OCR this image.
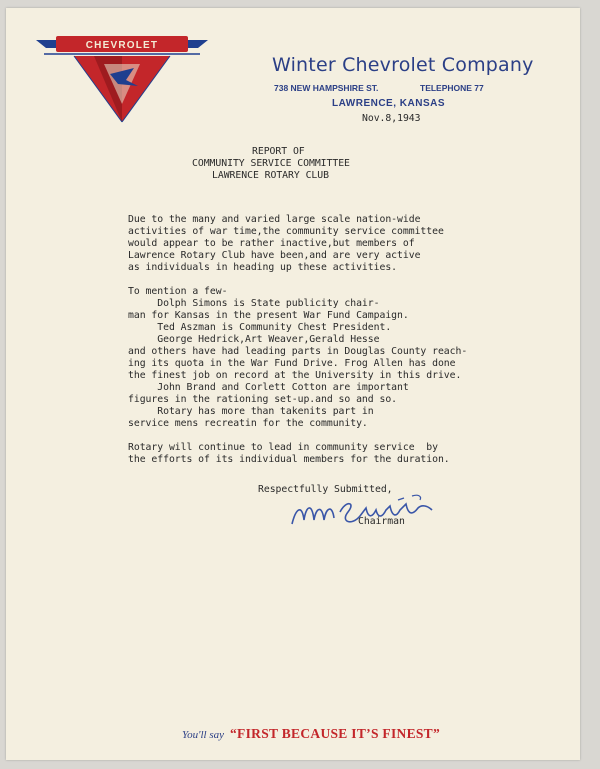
CHEVROLET
Winter Chevrolet Company
738 NEW HAMPSHIRE ST.	TELEPHONE 77
LAWRENCE, KANSAS
Nov.8,1943
REPORT OF
COMMUNITY SERVICE COMMITTEE
LAWRENCE ROTARY CLUB
Due to the many and varied large scale nation-wide
activities of war time,the community service committee
would appear to be rather inactive,but members of
Lawrence Rotary Club have been,and are very active
as individuals in heading up these activities.
To mention a few-
Dolph Simons is State publicity chair-
man for Kansas in the present War Fund Campaign.
Ted Aszman is Community Chest President.
George Hedrick,Art Weaver,Gerald Hesse
and others have had leading parts in Douglas County reach-
ing its quota in the War Fund Drive. Frog Allen has done
the finest job on record at the University in this drive.
John Brand and Corlett Cotton are important
figures in the rationing set-up.and so and so.
Rotary has more than takenits part in
service mens recreatin for the community.
Rotary will continue to lead in community service  by
the efforts of its individual members for the duration.
Respectfully Submitted,
Chairman
You'll say “FIRST BECAUSE IT’S FINEST”
